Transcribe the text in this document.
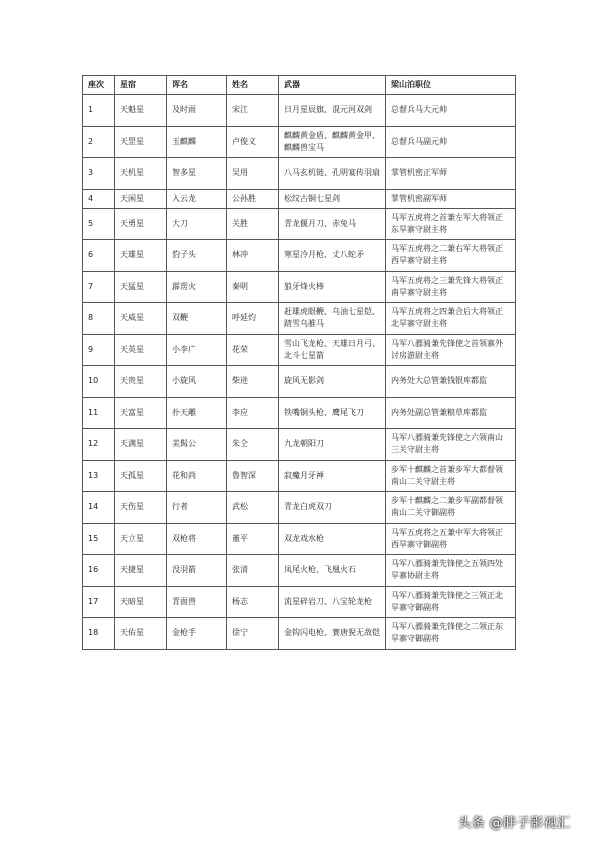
座次	星宿	诨名	姓名	武器	梁山泊职位
1	天魁星	及时雨	宋江	日月星辰旗、混元河双剑	总督兵马大元帅
2	天罡星	玉麒麟	卢俊义	麒麟黄金盾、麒麟黄金甲、麒麟兽宝马	总督兵马副元帅
3	天机星	智多星	吴用	八马玄机链、孔明宴传羽扇	掌管机密正军师
4	天闲星	入云龙	公孙胜	松纹古铜七星剑	掌管机密副军师
5	天勇星	大刀	关胜	青龙偃月刀、赤兔马	马军五虎将之首兼左军大将领正东旱寨守尉主将
6	天雄星	豹子头	林冲	寒星冷月枪、丈八蛇矛	马军五虎将之二兼右军大将领正西旱寨守尉主将
7	天猛星	霹雳火	秦明	狼牙烽火棒	马军五虎将之三兼先锋大将领正南旱寨守尉主将
8	天威星	双鞭	呼延灼	赶雄虎眼鞭、乌油七星铠、踏雪乌骓马	马军五虎将之四兼合后大将领正北旱寨守尉主将
9	天英星	小李广	花荣	雪山飞龙枪、天雄日月弓、北斗七星箭	马军八骠骑兼先锋使之首领寨外讨房游尉主将
10	天贵星	小旋风	柴进	旋风无影剑	内务处大总管兼钱银库都监
11	天富星	扑天雕	李应	铁嘴铜头枪、鹰尾飞刀	内务处副总管兼粮草库都监
12	天满星	美髯公	朱仝	九龙朝阳刀	马军八骠骑兼先锋使之六领南山三关守尉主将
13	天孤星	花和尚	鲁智深	寂魔月牙禅	步军十麒麟之首兼步军大都督领南山二关守尉主将
14	天伤星	行者	武松	青龙白虎双刀	步军十麒麟之二兼步军副都督领南山二关守御副将
15	天立星	双枪将	董平	双龙戏水枪	马军五虎将之五兼中军大将领正西旱寨守御副将
16	天捷星	没羽箭	张清	凤尾火枪、飞凰火石	马军八骠骑兼先锋使之五领四处旱寨协尉主将
17	天暗星	青面兽	杨志	流星碎岩刀、八宝轮龙枪	马军八骠骑兼先锋使之三领正北旱寨守御副将
18	天佑星	金枪手	徐宁	金钩闪电枪、赛唐猊无敌铠	马军八骠骑兼先锋使之二领正东旱寨守御副将
头条 @胖子影视汇
